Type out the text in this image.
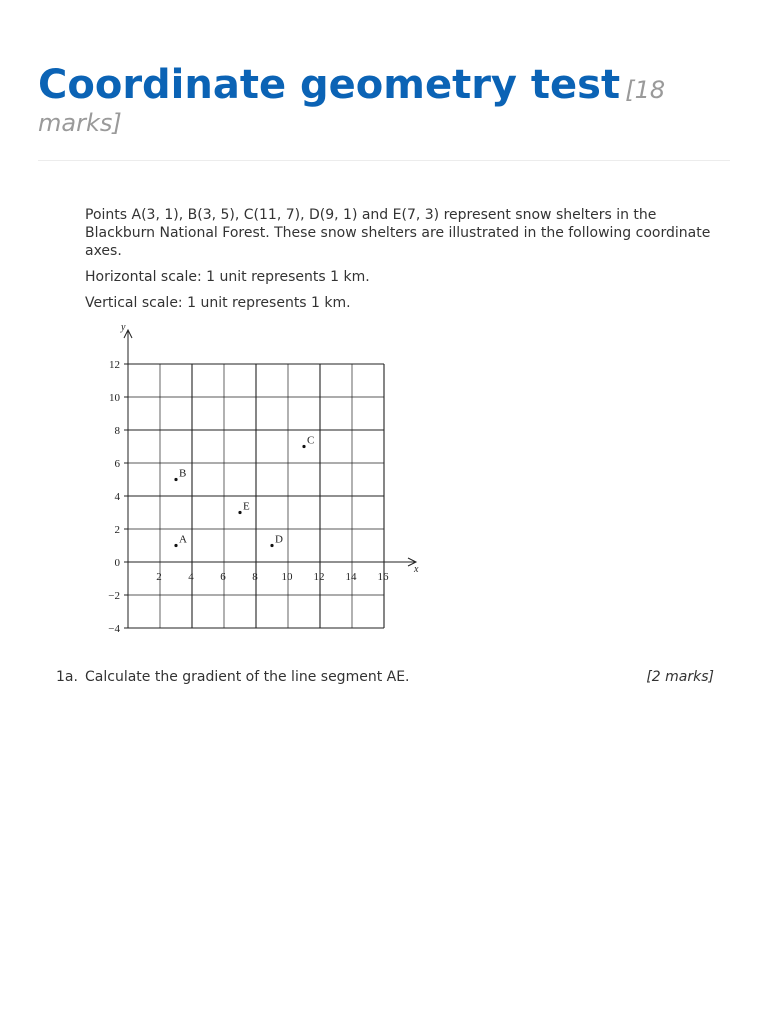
Coordinate geometry test [18 marks]

Points A(3, 1), B(3, 5), C(11, 7), D(9, 1) and E(7, 3) represent snow shelters in the Blackburn National Forest. These snow shelters are illustrated in the following coordinate axes.

Horizontal scale: 1 unit represents 1 km.

Vertical scale: 1 unit represents 1 km.

x
y
−4
−2
0
2
4
6
8
10
12
2 4 6 8 10 12 14 16
A
B
C
D
E
1a. Calculate the gradient of the line segment AE.	[2 marks]
